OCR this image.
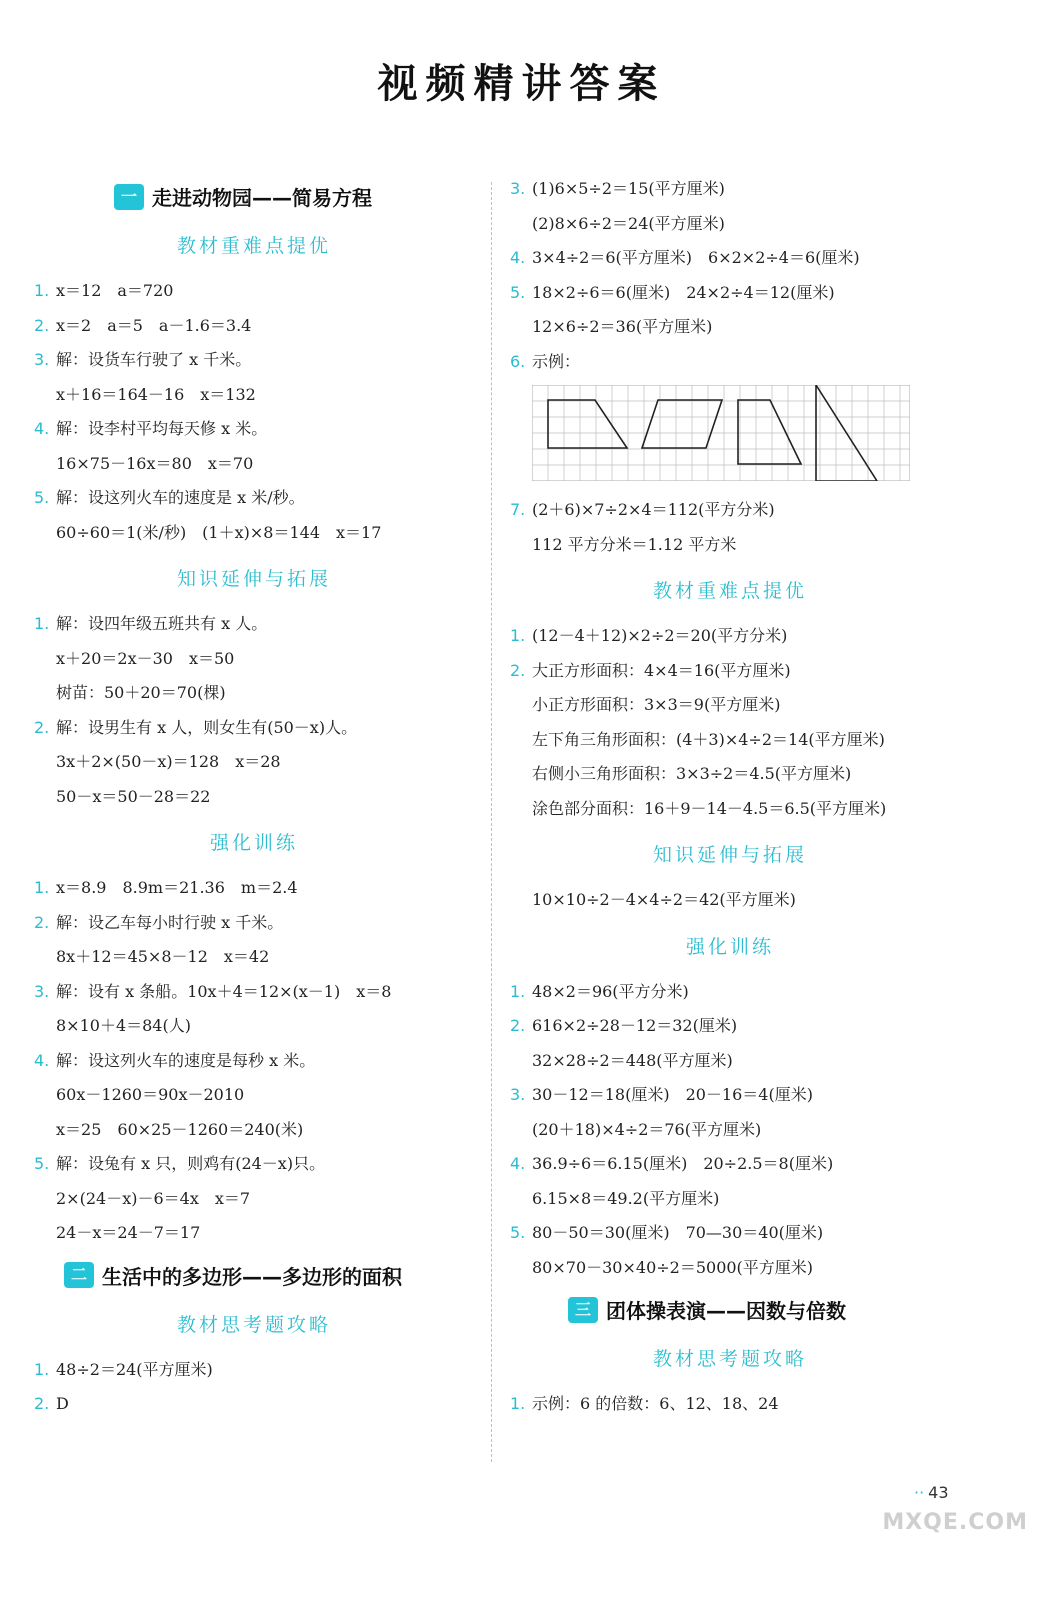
视频精讲答案
一 走进动物园——简易方程
教材重难点提优
1. x＝12　a＝720
2. x＝2　a＝5　a－1.6＝3.4
3. 解：设货车行驶了 x 千米。
x＋16＝164－16　x＝132
4. 解：设李村平均每天修 x 米。
16×75－16x＝80　x＝70
5. 解：设这列火车的速度是 x 米/秒。
60÷60＝1(米/秒)　(1＋x)×8＝144　x＝17
知识延伸与拓展
1. 解：设四年级五班共有 x 人。
x＋20＝2x－30　x＝50
树苗：50＋20＝70(棵)
2. 解：设男生有 x 人，则女生有(50－x)人。
3x＋2×(50－x)＝128　x＝28
50－x＝50－28＝22
强化训练
1. x＝8.9　8.9m＝21.36　m＝2.4
2. 解：设乙车每小时行驶 x 千米。
8x＋12＝45×8－12　x＝42
3. 解：设有 x 条船。10x＋4＝12×(x－1)　x＝8
8×10＋4＝84(人)
4. 解：设这列火车的速度是每秒 x 米。
60x－1260＝90x－2010
x＝25　60×25－1260＝240(米)
5. 解：设兔有 x 只，则鸡有(24－x)只。
2×(24－x)－6＝4x　x＝7
24－x＝24－7＝17
二 生活中的多边形——多边形的面积
教材思考题攻略
1. 48÷2＝24(平方厘米)
2. D
3. (1)6×5÷2＝15(平方厘米)
(2)8×6÷2＝24(平方厘米)
4. 3×4÷2＝6(平方厘米)　6×2×2÷4＝6(厘米)
5. 18×2÷6＝6(厘米)　24×2÷4＝12(厘米)
12×6÷2＝36(平方厘米)
6. 示例：
7. (2＋6)×7÷2×4＝112(平方分米)
112 平方分米＝1.12 平方米
教材重难点提优
1. (12－4＋12)×2÷2＝20(平方分米)
2. 大正方形面积：4×4＝16(平方厘米)
小正方形面积：3×3＝9(平方厘米)
左下角三角形面积：(4＋3)×4÷2＝14(平方厘米)
右侧小三角形面积：3×3÷2＝4.5(平方厘米)
涂色部分面积：16＋9－14－4.5＝6.5(平方厘米)
知识延伸与拓展
10×10÷2－4×4÷2＝42(平方厘米)
强化训练
1. 48×2＝96(平方分米)
2. 616×2÷28－12＝32(厘米)
32×28÷2＝448(平方厘米)
3. 30－12＝18(厘米)　20－16＝4(厘米)
(20＋18)×4÷2＝76(平方厘米)
4. 36.9÷6＝6.15(厘米)　20÷2.5＝8(厘米)
6.15×8＝49.2(平方厘米)
5. 80－50＝30(厘米)　70—30＝40(厘米)
80×70－30×40÷2＝5000(平方厘米)
三 团体操表演——因数与倍数
教材思考题攻略
1. 示例：6 的倍数：6、12、18、24
·· 43
MXQE.COM
